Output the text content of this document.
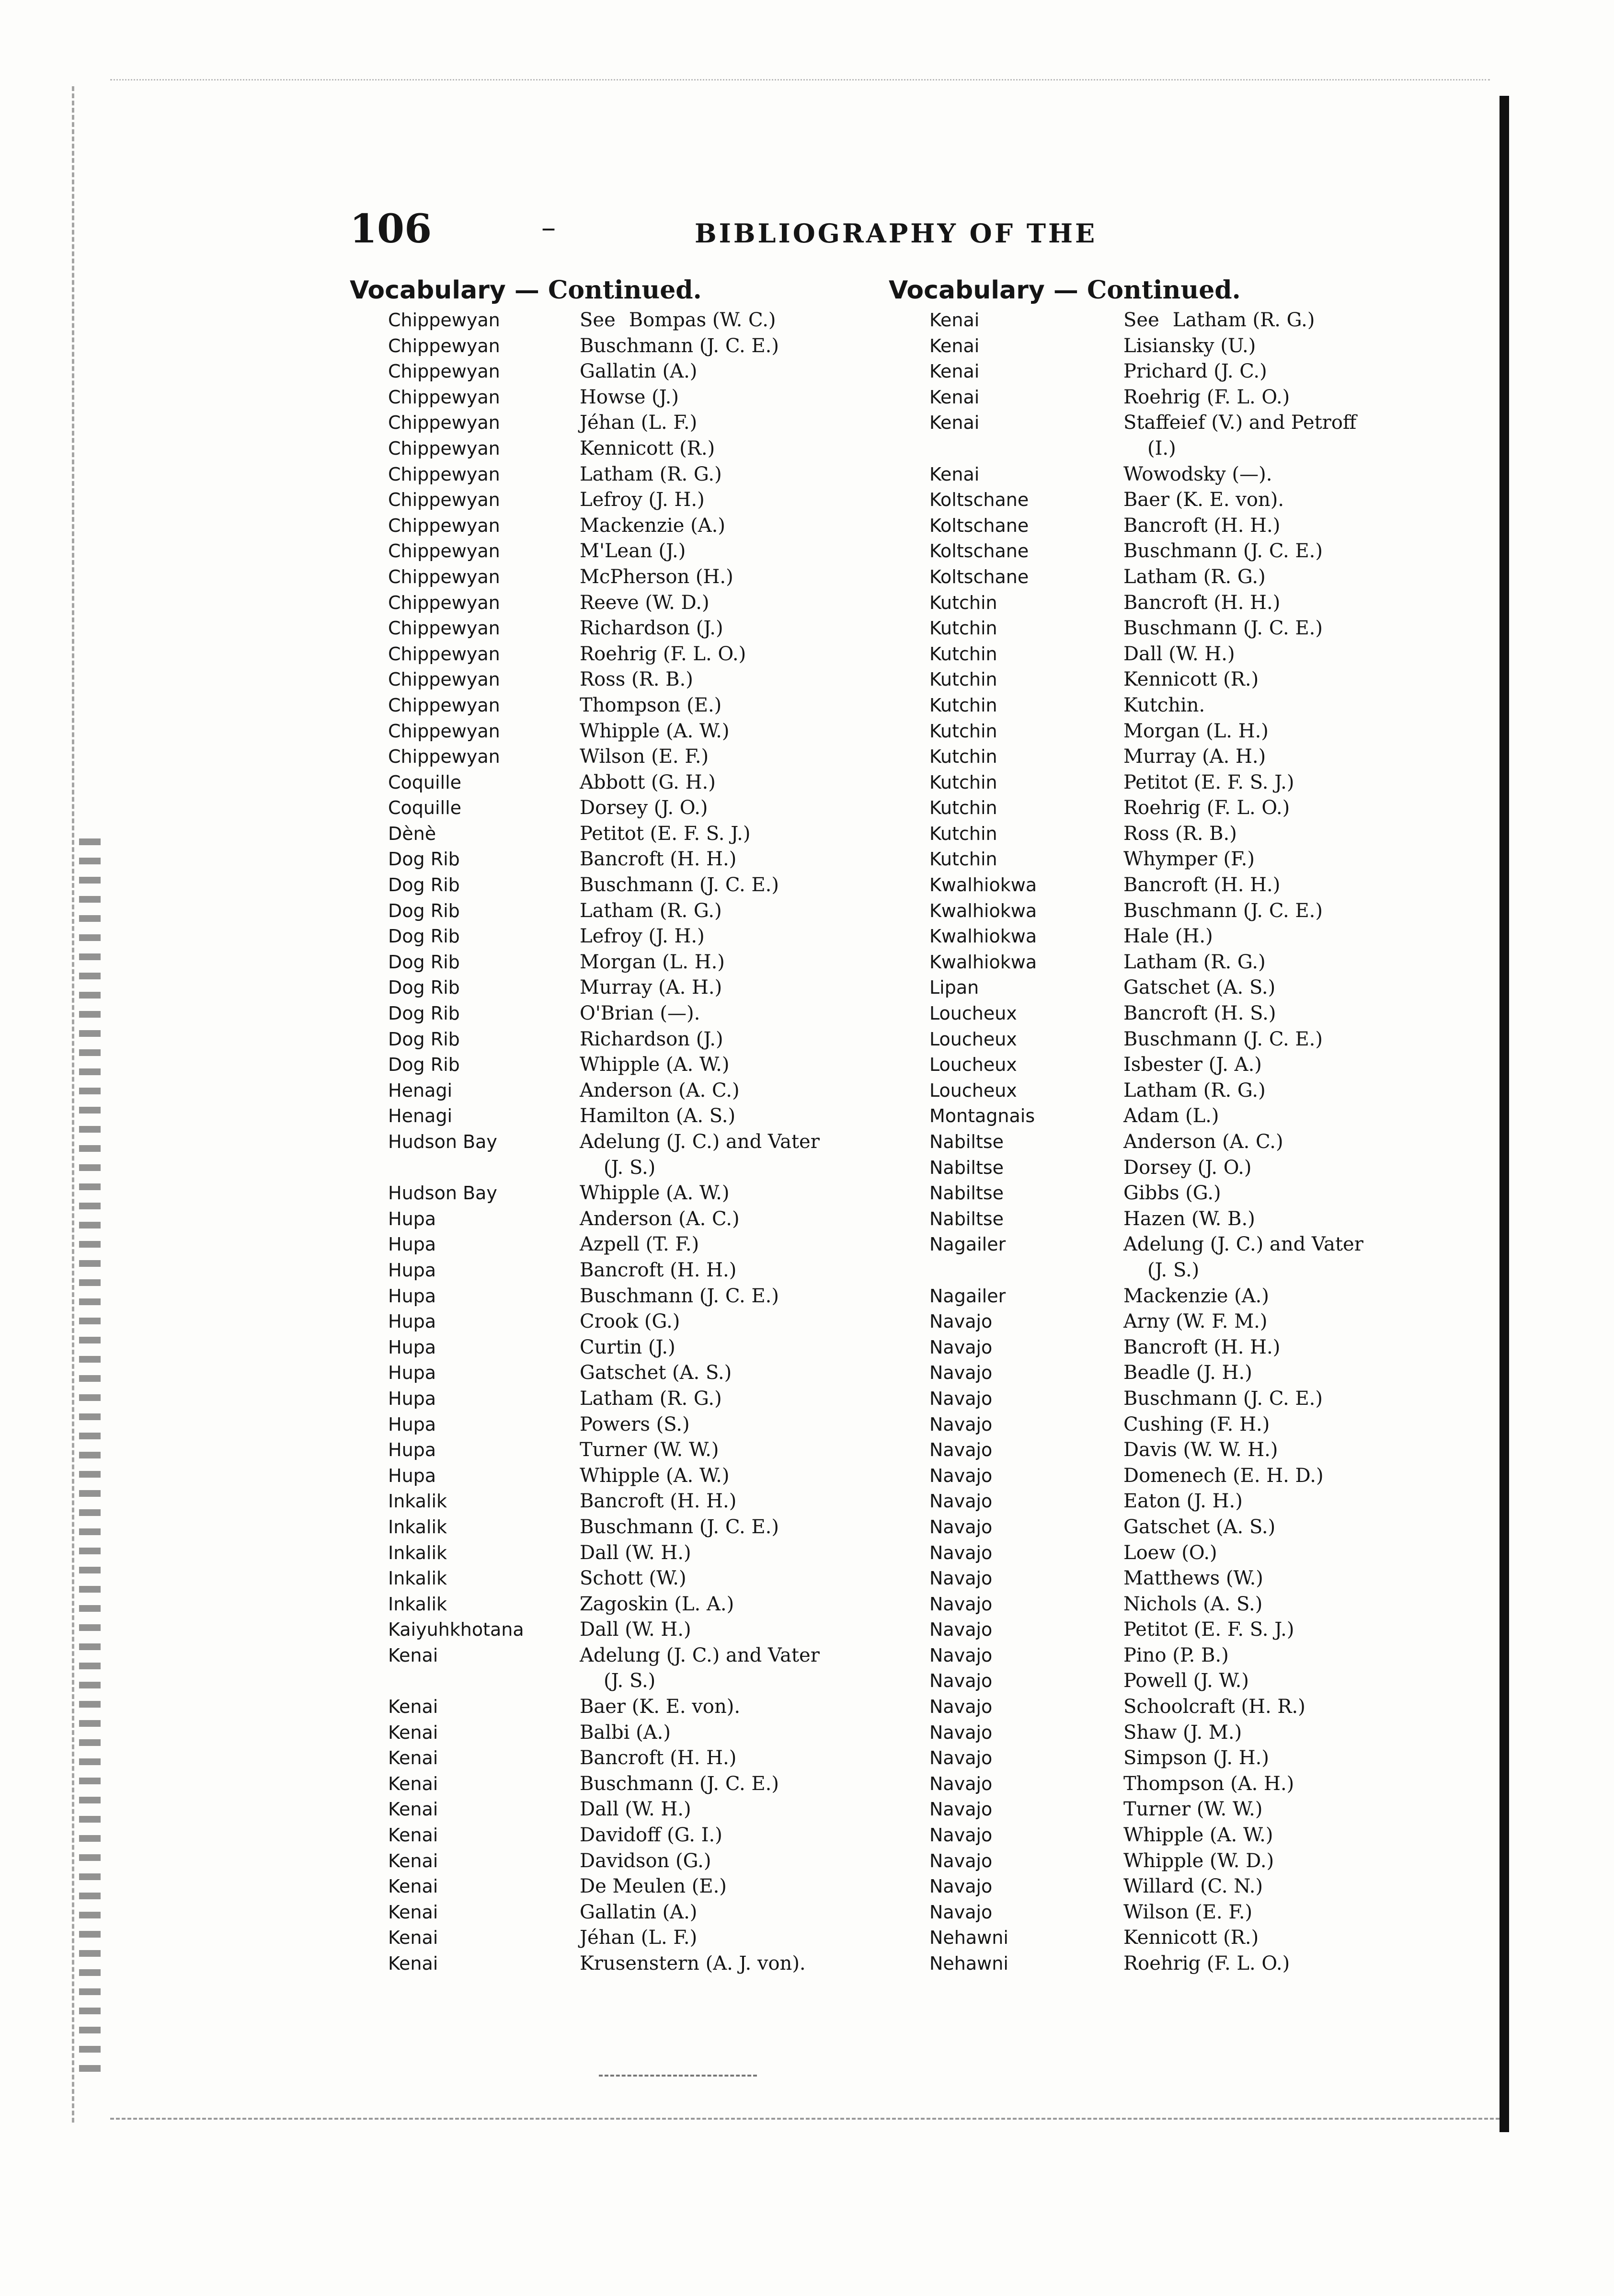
106	–	BIBLIOGRAPHY OF THE
Vocabulary — Continued.
Chippewyan	See Bompas (W. C.)

Chippewyan	Buschmann (J. C. E.)

Chippewyan	Gallatin (A.)

Chippewyan	Howse (J.)

Chippewyan	Jéhan (L. F.)

Chippewyan	Kennicott (R.)

Chippewyan	Latham (R. G.)

Chippewyan	Lefroy (J. H.)

Chippewyan	Mackenzie (A.)

Chippewyan	M'Lean (J.)

Chippewyan	McPherson (H.)

Chippewyan	Reeve (W. D.)

Chippewyan	Richardson (J.)

Chippewyan	Roehrig (F. L. O.)

Chippewyan	Ross (R. B.)

Chippewyan	Thompson (E.)

Chippewyan	Whipple (A. W.)

Chippewyan	Wilson (E. F.)

Coquille	Abbott (G. H.)

Coquille	Dorsey (J. O.)

Dènè	Petitot (E. F. S. J.)

Dog Rib	Bancroft (H. H.)

Dog Rib	Buschmann (J. C. E.)

Dog Rib	Latham (R. G.)

Dog Rib	Lefroy (J. H.)

Dog Rib	Morgan (L. H.)

Dog Rib	Murray (A. H.)

Dog Rib	O'Brian (—).

Dog Rib	Richardson (J.)

Dog Rib	Whipple (A. W.)

Henagi	Anderson (A. C.)

Henagi	Hamilton (A. S.)

Hudson Bay	Adelung (J. C.) and Vater

(J. S.)

Hudson Bay	Whipple (A. W.)

Hupa	Anderson (A. C.)

Hupa	Azpell (T. F.)

Hupa	Bancroft (H. H.)

Hupa	Buschmann (J. C. E.)

Hupa	Crook (G.)

Hupa	Curtin (J.)

Hupa	Gatschet (A. S.)

Hupa	Latham (R. G.)

Hupa	Powers (S.)

Hupa	Turner (W. W.)

Hupa	Whipple (A. W.)

Inkalik	Bancroft (H. H.)

Inkalik	Buschmann (J. C. E.)

Inkalik	Dall (W. H.)

Inkalik	Schott (W.)

Inkalik	Zagoskin (L. A.)

Kaiyuhkhotana	Dall (W. H.)

Kenai	Adelung (J. C.) and Vater

(J. S.)

Kenai	Baer (K. E. von).

Kenai	Balbi (A.)

Kenai	Bancroft (H. H.)

Kenai	Buschmann (J. C. E.)

Kenai	Dall (W. H.)

Kenai	Davidoff (G. I.)

Kenai	Davidson (G.)

Kenai	De Meulen (E.)

Kenai	Gallatin (A.)

Kenai	Jéhan (L. F.)

Kenai	Krusenstern (A. J. von).

Vocabulary — Continued.
Kenai	See Latham (R. G.)

Kenai	Lisiansky (U.)

Kenai	Prichard (J. C.)

Kenai	Roehrig (F. L. O.)

Kenai	Staffeief (V.) and Petroff

(I.)

Kenai	Wowodsky (—).

Koltschane	Baer (K. E. von).

Koltschane	Bancroft (H. H.)

Koltschane	Buschmann (J. C. E.)

Koltschane	Latham (R. G.)

Kutchin	Bancroft (H. H.)

Kutchin	Buschmann (J. C. E.)

Kutchin	Dall (W. H.)

Kutchin	Kennicott (R.)

Kutchin	Kutchin.

Kutchin	Morgan (L. H.)

Kutchin	Murray (A. H.)

Kutchin	Petitot (E. F. S. J.)

Kutchin	Roehrig (F. L. O.)

Kutchin	Ross (R. B.)

Kutchin	Whymper (F.)

Kwalhiokwa	Bancroft (H. H.)

Kwalhiokwa	Buschmann (J. C. E.)

Kwalhiokwa	Hale (H.)

Kwalhiokwa	Latham (R. G.)

Lipan	Gatschet (A. S.)

Loucheux	Bancroft (H. S.)

Loucheux	Buschmann (J. C. E.)

Loucheux	Isbester (J. A.)

Loucheux	Latham (R. G.)

Montagnais	Adam (L.)

Nabiltse	Anderson (A. C.)

Nabiltse	Dorsey (J. O.)

Nabiltse	Gibbs (G.)

Nabiltse	Hazen (W. B.)

Nagailer	Adelung (J. C.) and Vater

(J. S.)

Nagailer	Mackenzie (A.)

Navajo	Arny (W. F. M.)

Navajo	Bancroft (H. H.)

Navajo	Beadle (J. H.)

Navajo	Buschmann (J. C. E.)

Navajo	Cushing (F. H.)

Navajo	Davis (W. W. H.)

Navajo	Domenech (E. H. D.)

Navajo	Eaton (J. H.)

Navajo	Gatschet (A. S.)

Navajo	Loew (O.)

Navajo	Matthews (W.)

Navajo	Nichols (A. S.)

Navajo	Petitot (E. F. S. J.)

Navajo	Pino (P. B.)

Navajo	Powell (J. W.)

Navajo	Schoolcraft (H. R.)

Navajo	Shaw (J. M.)

Navajo	Simpson (J. H.)

Navajo	Thompson (A. H.)

Navajo	Turner (W. W.)

Navajo	Whipple (A. W.)

Navajo	Whipple (W. D.)

Navajo	Willard (C. N.)

Navajo	Wilson (E. F.)

Nehawni	Kennicott (R.)

Nehawni	Roehrig (F. L. O.)
